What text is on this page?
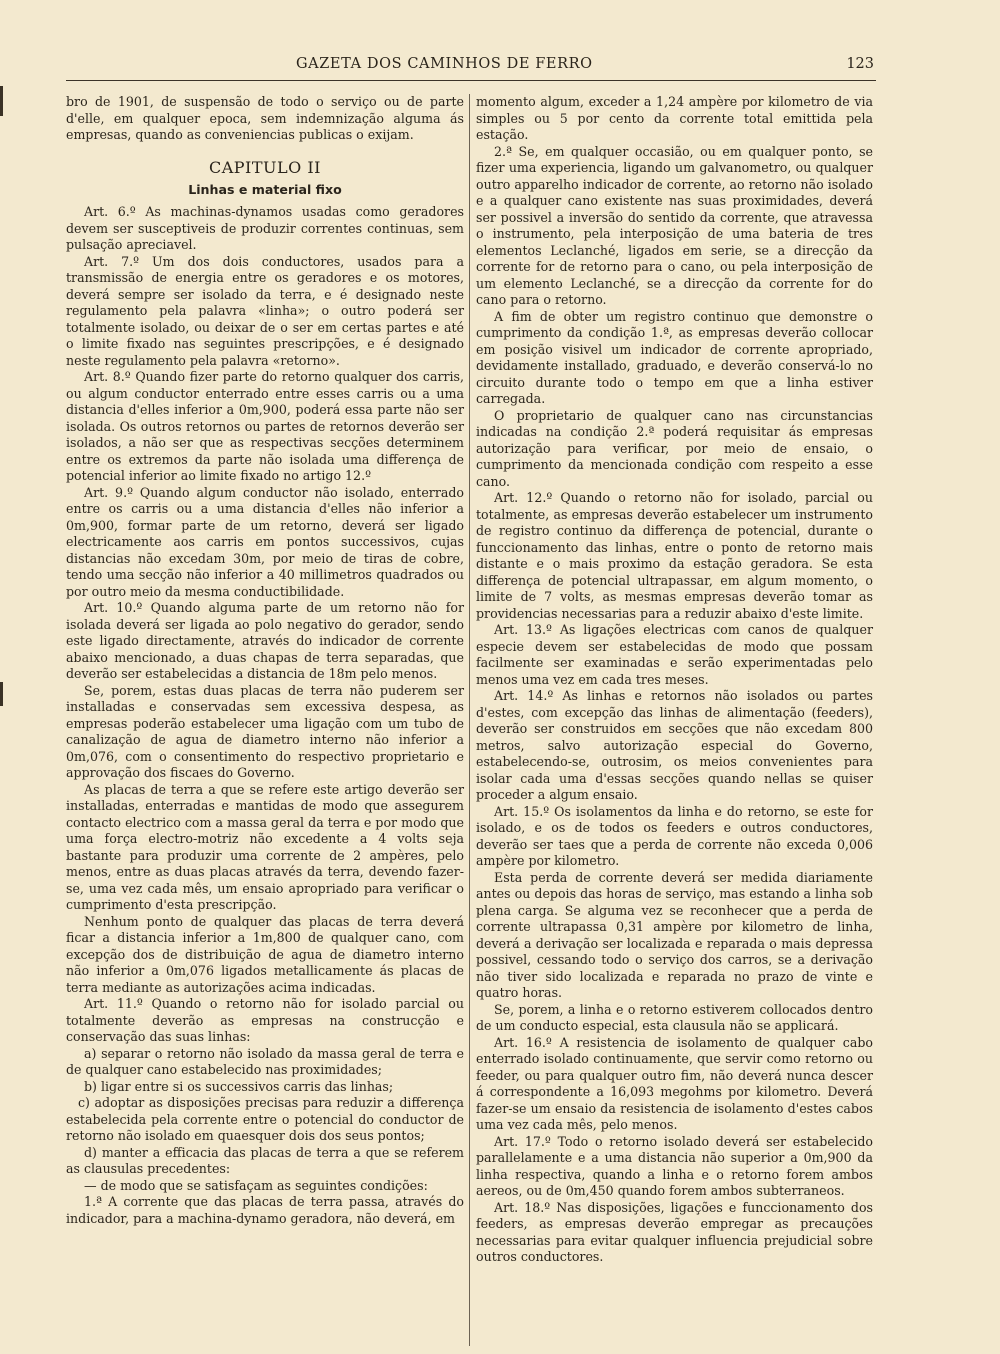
GAZETA DOS CAMINHOS DE FERRO	123

bro de 1901, de suspensão de todo o serviço ou de parte d'elle, em qualquer epoca, sem indemnização alguma ás empresas, quando as conveniencias publicas o exijam.

CAPITULO II
Linhas e material fixo

Art. 6.º As machinas-dynamos usadas como geradores devem ser susceptiveis de produzir correntes continuas, sem pulsação apreciavel.

Art. 7.º Um dos dois conductores, usados para a transmissão de energia entre os geradores e os motores, deverá sempre ser isolado da terra, e é designado neste regulamento pela palavra «linha»; o outro poderá ser totalmente isolado, ou deixar de o ser em certas partes e até o limite fixado nas seguintes prescripções, e é designado neste regulamento pela palavra «retorno».

Art. 8.º Quando fizer parte do retorno qualquer dos carris, ou algum conductor enterrado entre esses carris ou a uma distancia d'elles inferior a 0m,900, poderá essa parte não ser isolada. Os outros retornos ou partes de retornos deverão ser isolados, a não ser que as respectivas secções determinem entre os extremos da parte não isolada uma differença de potencial inferior ao limite fixado no artigo 12.º

Art. 9.º Quando algum conductor não isolado, enterrado entre os carris ou a uma distancia d'elles não inferior a 0m,900, formar parte de um retorno, deverá ser ligado electricamente aos carris em pontos successivos, cujas distancias não excedam 30m, por meio de tiras de cobre, tendo uma secção não inferior a 40 millimetros quadrados ou por outro meio da mesma conductibilidade.

Art. 10.º Quando alguma parte de um retorno não for isolada deverá ser ligada ao polo negativo do gerador, sendo este ligado directamente, através do indicador de corrente abaixo mencionado, a duas chapas de terra separadas, que deverão ser estabelecidas a distancia de 18m pelo menos.

Se, porem, estas duas placas de terra não puderem ser installadas e conservadas sem excessiva despesa, as empresas poderão estabelecer uma ligação com um tubo de canalização de agua de diametro interno não inferior a 0m,076, com o consentimento do respectivo proprietario e approvação dos fiscaes do Governo.

As placas de terra a que se refere este artigo deverão ser installadas, enterradas e mantidas de modo que assegurem contacto electrico com a massa geral da terra e por modo que uma força electro-motriz não excedente a 4 volts seja bastante para produzir uma corrente de 2 ampères, pelo menos, entre as duas placas através da terra, devendo fazer-se, uma vez cada mês, um ensaio apropriado para verificar o cumprimento d'esta prescripção.

Nenhum ponto de qualquer das placas de terra deverá ficar a distancia inferior a 1m,800 de qualquer cano, com excepção dos de distribuição de agua de diametro interno não inferior a 0m,076 ligados metallicamente ás placas de terra mediante as autorizações acima indicadas.

Art. 11.º Quando o retorno não for isolado parcial ou totalmente deverão as empresas na construcção e conservação das suas linhas:

a) separar o retorno não isolado da massa geral de terra e de qualquer cano estabelecido nas proximidades;

b) ligar entre si os successivos carris das linhas;

c) adoptar as disposições precisas para reduzir a differença estabelecida pela corrente entre o potencial do conductor de retorno não isolado em quaesquer dois dos seus pontos;

d) manter a efficacia das placas de terra a que se referem as clausulas precedentes:

— de modo que se satisfaçam as seguintes condições:

1.ª A corrente que das placas de terra passa, através do indicador, para a machina-dynamo geradora, não deverá, em

momento algum, exceder a 1,24 ampère por kilometro de via simples ou 5 por cento da corrente total emittida pela estação.

2.ª Se, em qualquer occasião, ou em qualquer ponto, se fizer uma experiencia, ligando um galvanometro, ou qualquer outro apparelho indicador de corrente, ao retorno não isolado e a qualquer cano existente nas suas proximidades, deverá ser possivel a inversão do sentido da corrente, que atravessa o instrumento, pela interposição de uma bateria de tres elementos Leclanché, ligados em serie, se a direcção da corrente for de retorno para o cano, ou pela interposição de um elemento Leclanché, se a direcção da corrente for do cano para o retorno.

A fim de obter um registro continuo que demonstre o cumprimento da condição 1.ª, as empresas deverão collocar em posição visivel um indicador de corrente apropriado, devidamente installado, graduado, e deverão conservá-lo no circuito durante todo o tempo em que a linha estiver carregada.

O proprietario de qualquer cano nas circunstancias indicadas na condição 2.ª poderá requisitar ás empresas autorização para verificar, por meio de ensaio, o cumprimento da mencionada condição com respeito a esse cano.

Art. 12.º Quando o retorno não for isolado, parcial ou totalmente, as empresas deverão estabelecer um instrumento de registro continuo da differença de potencial, durante o funccionamento das linhas, entre o ponto de retorno mais distante e o mais proximo da estação geradora. Se esta differença de potencial ultrapassar, em algum momento, o limite de 7 volts, as mesmas empresas deverão tomar as providencias necessarias para a reduzir abaixo d'este limite.

Art. 13.º As ligações electricas com canos de qualquer especie devem ser estabelecidas de modo que possam facilmente ser examinadas e serão experimentadas pelo menos uma vez em cada tres meses.

Art. 14.º As linhas e retornos não isolados ou partes d'estes, com excepção das linhas de alimentação (feeders), deverão ser construidos em secções que não excedam 800 metros, salvo autorização especial do Governo, estabelecendo-se, outrosim, os meios convenientes para isolar cada uma d'essas secções quando nellas se quiser proceder a algum ensaio.

Art. 15.º Os isolamentos da linha e do retorno, se este for isolado, e os de todos os feeders e outros conductores, deverão ser taes que a perda de corrente não exceda 0,006 ampère por kilometro.

Esta perda de corrente deverá ser medida diariamente antes ou depois das horas de serviço, mas estando a linha sob plena carga. Se alguma vez se reconhecer que a perda de corrente ultrapassa 0,31 ampère por kilometro de linha, deverá a derivação ser localizada e reparada o mais depressa possivel, cessando todo o serviço dos carros, se a derivação não tiver sido localizada e reparada no prazo de vinte e quatro horas.

Se, porem, a linha e o retorno estiverem collocados dentro de um conducto especial, esta clausula não se applicará.

Art. 16.º A resistencia de isolamento de qualquer cabo enterrado isolado continuamente, que servir como retorno ou feeder, ou para qualquer outro fim, não deverá nunca descer á correspondente a 16,093 megohms por kilometro. Deverá fazer-se um ensaio da resistencia de isolamento d'estes cabos uma vez cada mês, pelo menos.

Art. 17.º Todo o retorno isolado deverá ser estabelecido parallelamente e a uma distancia não superior a 0m,900 da linha respectiva, quando a linha e o retorno forem ambos aereos, ou de 0m,450 quando forem ambos subterraneos.

Art. 18.º Nas disposições, ligações e funccionamento dos feeders, as empresas deverão empregar as precauções necessarias para evitar qualquer influencia prejudicial sobre outros conductores.
